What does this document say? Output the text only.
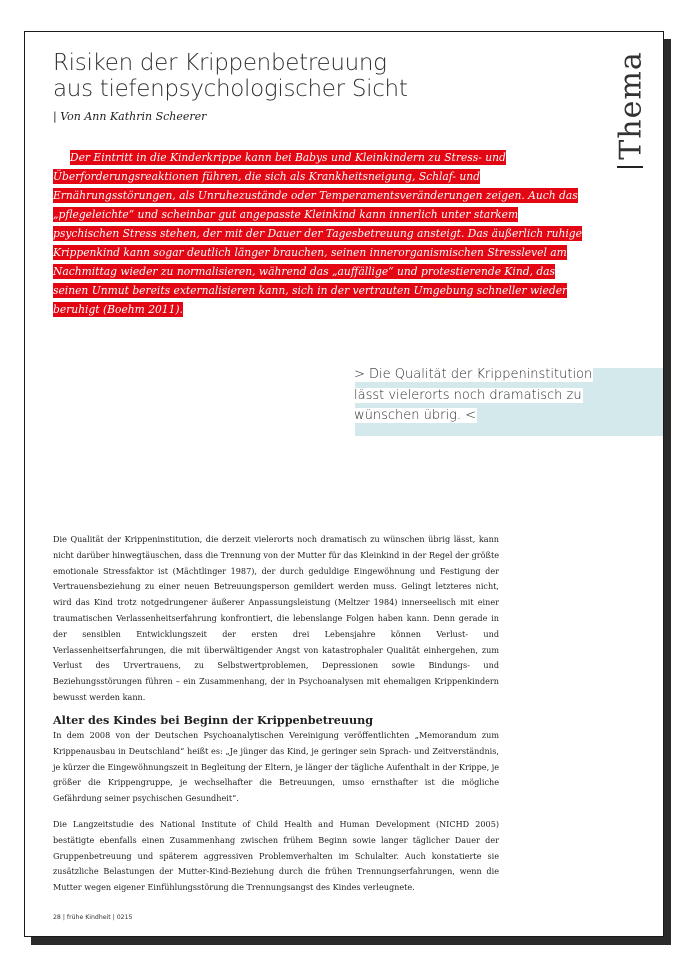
Risiken der Krippenbetreuung
aus tiefenpsychologischer Sicht
| Von Ann Kathrin Scheerer	Thema
Der Eintritt in die Kinderkrippe kann bei Babys und Kleinkindern zu Stress- und Überforderungsreaktionen führen, die sich als Krankheitsneigung, Schlaf- und Ernährungsstörungen, als Unruhezustände oder Temperamentsveränderungen zeigen. Auch das „pflegeleichte“ und scheinbar gut angepasste Kleinkind kann innerlich unter starkem psychischen Stress stehen, der mit der Dauer der Tagesbetreuung ansteigt. Das äußerlich ruhige Krippenkind kann sogar deutlich länger brauchen, seinen innerorganismischen Stresslevel am Nachmittag wieder zu normalisieren, während das „auffällige“ und protestierende Kind, das seinen Unmut bereits externalisieren kann, sich in der vertrauten Umgebung schneller wieder beruhigt (Boehm 2011).
> Die Qualität der Krippeninstitution lässt vielerorts noch dramatisch zu wünschen übrig. <

Die Qualität der Krippeninstitution, die derzeit vielerorts noch dramatisch zu wünschen übrig lässt, kann nicht darüber hinwegtäuschen, dass die Trennung von der Mutter für das Kleinkind in der Regel der größte emotionale Stressfaktor ist (Mächtlinger 1987), der durch geduldige Eingewöhnung und Festigung der Vertrauensbeziehung zu einer neuen Betreuungsperson gemildert werden muss. Gelingt letzteres nicht, wird das Kind trotz notgedrungener äußerer Anpassungsleistung (Meltzer 1984) innerseelisch mit einer traumatischen Verlassenheitserfahrung konfrontiert, die lebenslange Folgen haben kann. Denn gerade in der sensiblen Entwicklungszeit der ersten drei Lebensjahre können Verlust- und Verlassenheitserfahrungen, die mit überwältigender Angst von katastrophaler Qualität einhergehen, zum Verlust des Urvertrauens, zu Selbstwertproblemen, Depressionen sowie Bindungs- und Beziehungsstörungen führen – ein Zusammenhang, der in Psychoanalysen mit ehemaligen Krippenkindern bewusst werden kann.

Alter des Kindes bei Beginn der Krippenbetreuung

In dem 2008 von der Deutschen Psychoanalytischen Vereinigung veröffentlichten „Memorandum zum Krippenausbau in Deutschland“ heißt es: „Je jünger das Kind, je geringer sein Sprach- und Zeitverständnis, je kürzer die Eingewöhnungszeit in Begleitung der Eltern, je länger der tägliche Aufenthalt in der Krippe, je größer die Krippengruppe, je wechselhafter die Betreuungen, umso ernsthafter ist die mögliche Gefährdung seiner psychischen Gesundheit“.

Die Langzeitstudie des National Institute of Child Health and Human Development (NICHD 2005) bestätigte ebenfalls einen Zusammenhang zwischen frühem Beginn sowie langer täglicher Dauer der Gruppenbetreuung und späterem aggressiven Problemverhalten im Schulalter. Auch konstatierte sie zusätzliche Belastungen der Mutter-Kind-Beziehung durch die frühen Trennungserfahrungen, wenn die Mutter wegen eigener Einfühlungsstörung die Trennungsangst des Kindes verleugnete.

28 | frühe Kindheit | 0215
